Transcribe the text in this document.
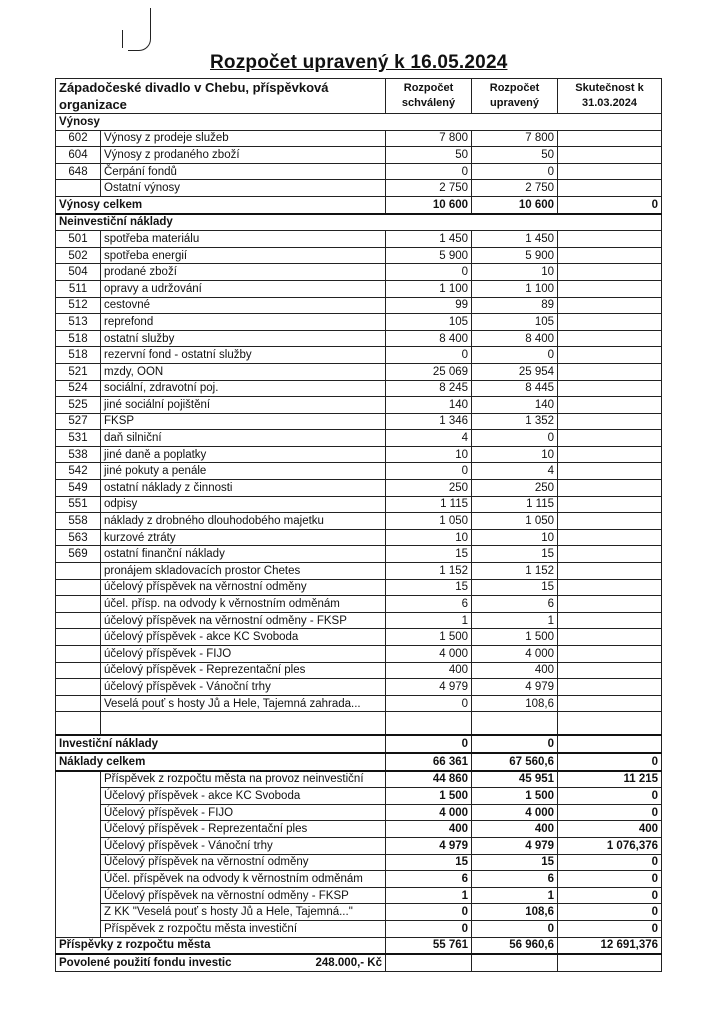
Rozpočet upravený k 16.05.2024
Západočeské divadlo v Chebu, příspěvková organizace		Rozpočet schválený	Rozpočet upravený	Skutečnost k 31.03.2024
Výnosy				
602	Výnosy z prodeje služeb	7 800	7 800	
604	Výnosy z prodaného zboží	50	50	
648	Čerpání fondů	0	0	
	Ostatní výnosy	2 750	2 750	
Výnosy celkem		10 600	10 600	0
Neinvestiční náklady				
501	spotřeba materiálu	1 450	1 450	
502	spotřeba energií	5 900	5 900	
504	prodané zboží	0	10	
511	opravy a udržování	1 100	1 100	
512	cestovné	99	89	
513	reprefond	105	105	
518	ostatní služby	8 400	8 400	
518	rezervní fond - ostatní služby	0	0	
521	mzdy, OON	25 069	25 954	
524	sociální, zdravotní poj.	8 245	8 445	
525	jiné sociální pojištění	140	140	
527	FKSP	1 346	1 352	
531	daň silniční	4	0	
538	jiné daně a poplatky	10	10	
542	jiné pokuty a penále	0	4	
549	ostatní náklady z činnosti	250	250	
551	odpisy	1 115	1 115	
558	náklady z drobného dlouhodobého majetku	1 050	1 050	
563	kurzové ztráty	10	10	
569	ostatní finanční náklady	15	15	
	pronájem skladovacích prostor Chetes	1 152	1 152	
	účelový příspěvek na věrnostní odměny	15	15	
	účel. přísp. na odvody k věrnostním odměnám	6	6	
	účelový příspěvek na věrnostní odměny - FKSP	1	1	
	účelový příspěvek - akce KC Svoboda	1 500	1 500	
	účelový příspěvek - FIJO	4 000	4 000	
	účelový příspěvek - Reprezentační ples	400	400	
	účelový příspěvek - Vánoční trhy	4 979	4 979	
	Veselá pouť s hosty Jů a Hele, Tajemná zahrada...	0	108,6	

Investiční náklady		0	0	
Náklady celkem		66 361	67 560,6	0
	Příspěvek z rozpočtu města na provoz neinvestiční	44 860	45 951	11 215
	Účelový příspěvek - akce KC Svoboda	1 500	1 500	0
	Účelový příspěvek - FIJO	4 000	4 000	0
	Účelový příspěvek - Reprezentační ples	400	400	400
	Účelový příspěvek - Vánoční trhy	4 979	4 979	1 076,376
	Účelový příspěvek na věrnostní odměny	15	15	0
	Účel. příspěvek na odvody k věrnostním odměnám	6	6	0
	Účelový příspěvek na věrnostní odměny - FKSP	1	1	0
	Z KK "Veselá pouť s hosty Jů a Hele, Tajemná..."	0	108,6	0
	Příspěvek z rozpočtu města investiční	0	0	0
Příspěvky z rozpočtu města		55 761	56 960,6	12 691,376
Povolené použití fondu investic 248.000,- Kč				
